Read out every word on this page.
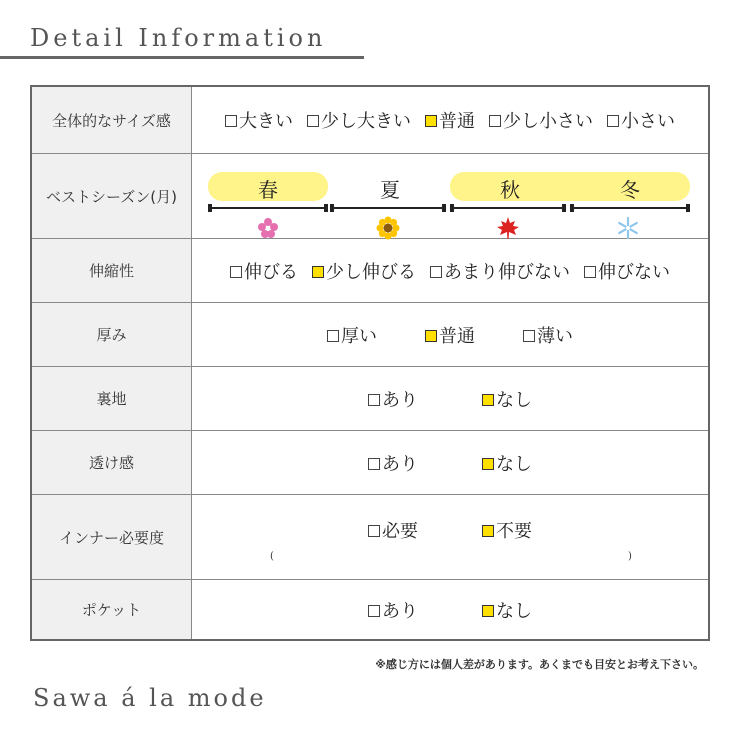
Detail Information
全体的なサイズ感	大きい 少し大きい 普通 少し小さい 小さい
ベストシーズン(月)	春	夏	秋	冬
伸縮性	伸びる 少し伸びる あまり伸びない 伸びない
厚み	厚い	普通	薄い
裏地	あり	なし
透け感	あり	なし
インナー必要度	必要	不要
(	)
ポケット	あり	なし
※感じ方には個人差があります。あくまでも目安とお考え下さい。
Sawa á la mode
